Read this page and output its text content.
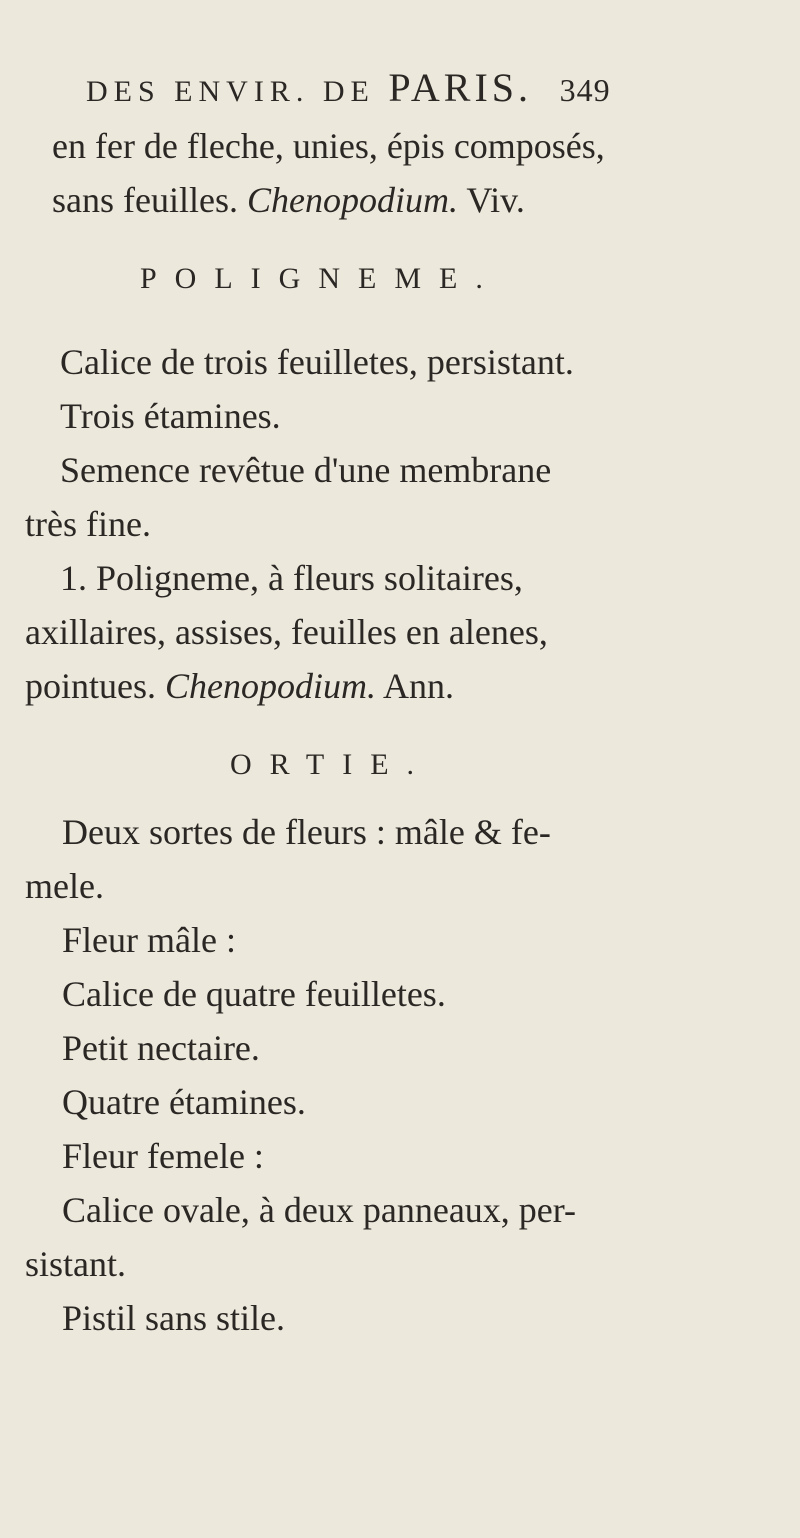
DES ENVIR. DE PARIS. 349
en fer de fleche, unies, épis composés,
sans feuilles. Chenopodium. Viv.
POLIGNEME.
Calice de trois feuilletes, persistant.
Trois étamines.
Semence revêtue d'une membrane
très fine.
1. Poligneme, à fleurs solitaires,
axillaires, assises, feuilles en alenes,
pointues. Chenopodium. Ann.
ORTIE.
Deux sortes de fleurs : mâle & fe-
mele.
Fleur mâle :
Calice de quatre feuilletes.
Petit nectaire.
Quatre étamines.
Fleur femele :
Calice ovale, à deux panneaux, per-
sistant.
Pistil sans stile.
